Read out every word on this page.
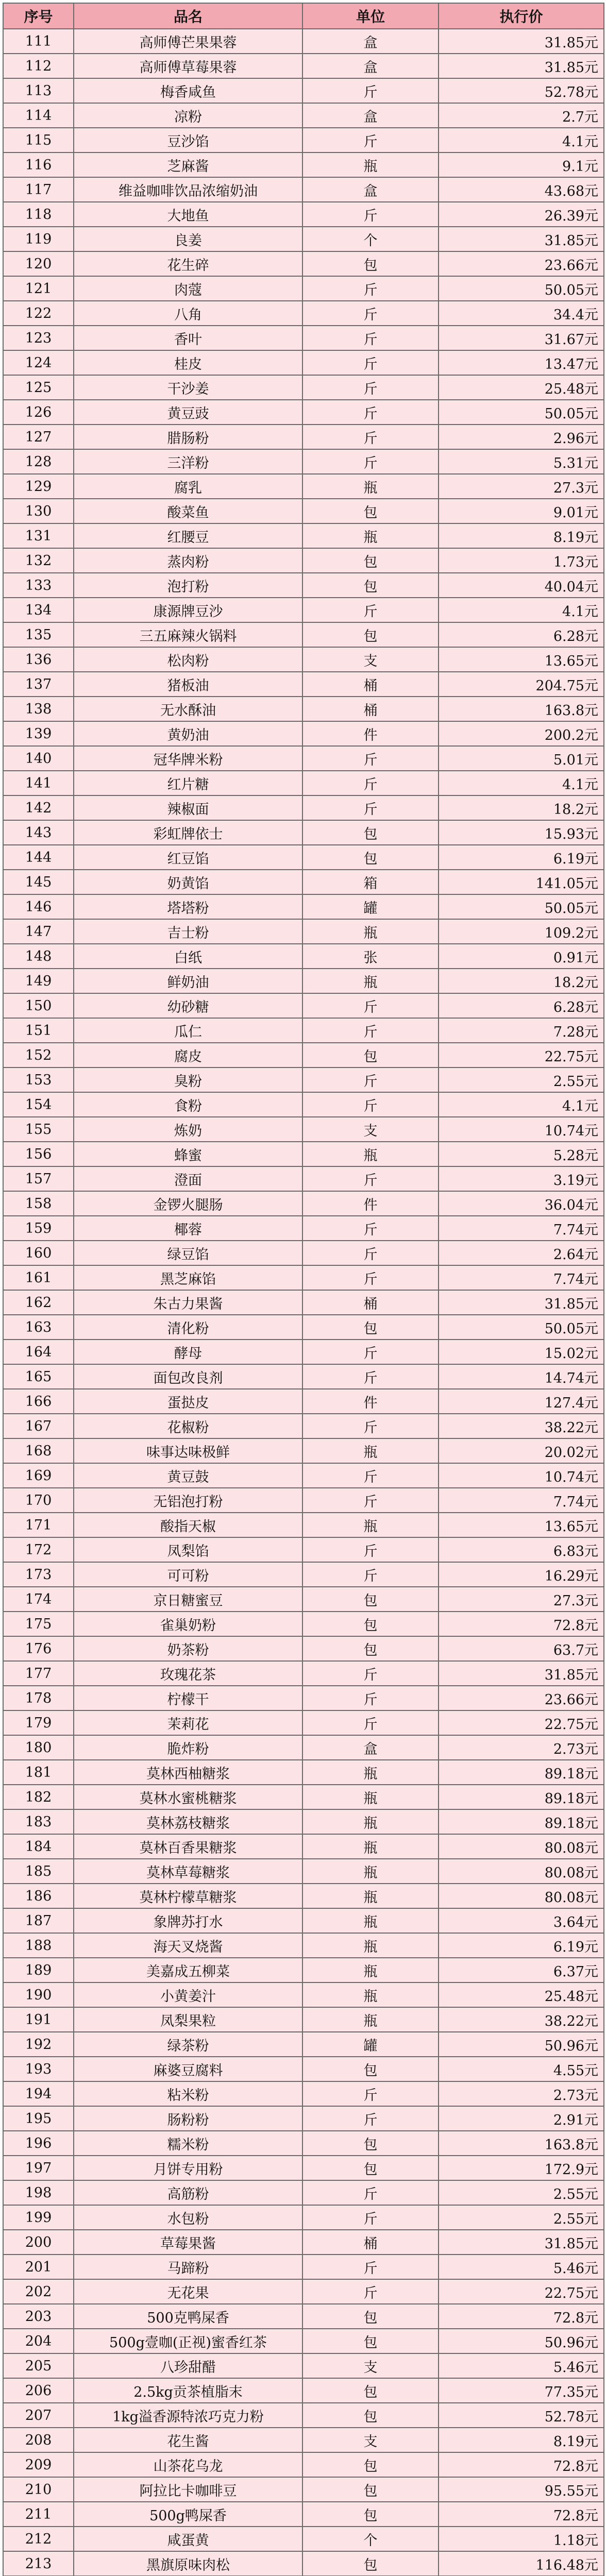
序号	品名	单位	执行价
111	高师傅芒果果蓉	盒	31.85元
112	高师傅草莓果蓉	盒	31.85元
113	梅香咸鱼	斤	52.78元
114	凉粉	盒	2.7元
115	豆沙馅	斤	4.1元
116	芝麻酱	瓶	9.1元
117	维益咖啡饮品浓缩奶油	盒	43.68元
118	大地鱼	斤	26.39元
119	良姜	个	31.85元
120	花生碎	包	23.66元
121	肉蔻	斤	50.05元
122	八角	斤	34.4元
123	香叶	斤	31.67元
124	桂皮	斤	13.47元
125	干沙姜	斤	25.48元
126	黄豆豉	斤	50.05元
127	腊肠粉	斤	2.96元
128	三洋粉	斤	5.31元
129	腐乳	瓶	27.3元
130	酸菜鱼	包	9.01元
131	红腰豆	瓶	8.19元
132	蒸肉粉	包	1.73元
133	泡打粉	包	40.04元
134	康源牌豆沙	斤	4.1元
135	三五麻辣火锅料	包	6.28元
136	松肉粉	支	13.65元
137	猪板油	桶	204.75元
138	无水酥油	桶	163.8元
139	黄奶油	件	200.2元
140	冠华牌米粉	斤	5.01元
141	红片糖	斤	4.1元
142	辣椒面	斤	18.2元
143	彩虹牌依士	包	15.93元
144	红豆馅	包	6.19元
145	奶黄馅	箱	141.05元
146	塔塔粉	罐	50.05元
147	吉士粉	瓶	109.2元
148	白纸	张	0.91元
149	鲜奶油	瓶	18.2元
150	幼砂糖	斤	6.28元
151	瓜仁	斤	7.28元
152	腐皮	包	22.75元
153	臭粉	斤	2.55元
154	食粉	斤	4.1元
155	炼奶	支	10.74元
156	蜂蜜	瓶	5.28元
157	澄面	斤	3.19元
158	金锣火腿肠	件	36.04元
159	椰蓉	斤	7.74元
160	绿豆馅	斤	2.64元
161	黑芝麻馅	斤	7.74元
162	朱古力果酱	桶	31.85元
163	清化粉	包	50.05元
164	酵母	斤	15.02元
165	面包改良剂	斤	14.74元
166	蛋挞皮	件	127.4元
167	花椒粉	斤	38.22元
168	味事达味极鲜	瓶	20.02元
169	黄豆鼓	斤	10.74元
170	无铝泡打粉	斤	7.74元
171	酸指天椒	瓶	13.65元
172	凤梨馅	斤	6.83元
173	可可粉	斤	16.29元
174	京日糖蜜豆	包	27.3元
175	雀巢奶粉	包	72.8元
176	奶茶粉	包	63.7元
177	玫瑰花茶	斤	31.85元
178	柠檬干	斤	23.66元
179	茉莉花	斤	22.75元
180	脆炸粉	盒	2.73元
181	莫林西柚糖浆	瓶	89.18元
182	莫林水蜜桃糖浆	瓶	89.18元
183	莫林荔枝糖浆	瓶	89.18元
184	莫林百香果糖浆	瓶	80.08元
185	莫林草莓糖浆	瓶	80.08元
186	莫林柠檬草糖浆	瓶	80.08元
187	象牌苏打水	瓶	3.64元
188	海天叉烧酱	瓶	6.19元
189	美嘉成五柳菜	瓶	6.37元
190	小黄姜汁	瓶	25.48元
191	凤梨果粒	瓶	38.22元
192	绿茶粉	罐	50.96元
193	麻婆豆腐料	包	4.55元
194	粘米粉	斤	2.73元
195	肠粉粉	斤	2.91元
196	糯米粉	包	163.8元
197	月饼专用粉	包	172.9元
198	高筋粉	斤	2.55元
199	水包粉	斤	2.55元
200	草莓果酱	桶	31.85元
201	马蹄粉	斤	5.46元
202	无花果	斤	22.75元
203	500克鸭屎香	包	72.8元
204	500g壹咖(正视)蜜香红茶	包	50.96元
205	八珍甜醋	支	5.46元
206	2.5kg贡茶植脂末	包	77.35元
207	1kg溢香源特浓巧克力粉	包	52.78元
208	花生酱	支	8.19元
209	山茶花乌龙	包	72.8元
210	阿拉比卡咖啡豆	包	95.55元
211	500g鸭屎香	包	72.8元
212	咸蛋黄	个	1.18元
213	黑旗原味肉松	包	116.48元
